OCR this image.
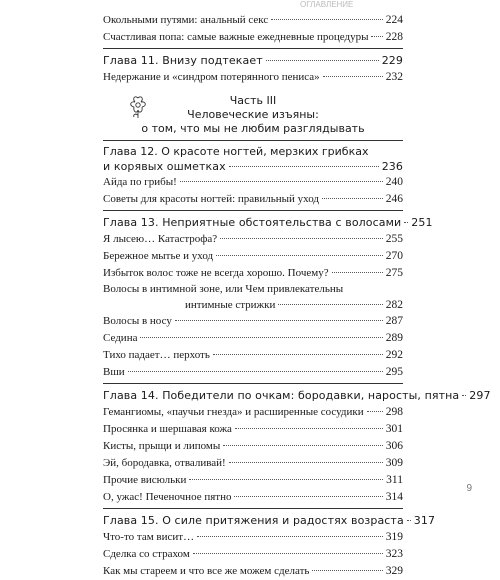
ОГЛАВЛЕНИЕ
Окольными путями: анальный секс	224
Счастливая попа: самые важные ежедневные процедуры 228
Глава 11. Внизу подтекает	229
Недержание и «синдром потерянного пениса»	232
Часть III
Человеческие изъяны:
о том, что мы не любим разглядывать
Глава 12. О красоте ногтей, мерзких грибках
и корявых ошметках	236
Айда по грибы!	240
Советы для красоты ногтей: правильный уход	246
Глава 13. Неприятные обстоятельства с волосами 251
Я лысею… Катастрофа?	255
Бережное мытье и уход	270
Избыток волос тоже не всегда хорошо. Почему?	275
Волосы в интимной зоне, или Чем привлекательны
интимные стрижки	282
Волосы в носу	287
Седина	289
Тихо падает… перхоть	292
Вши	295
Глава 14. Победители по очкам: бородавки, наросты, пятна 297
Гемангиомы, «паучьи гнезда» и расширенные сосудики 298
Просянка и шершавая кожа	301
Кисты, прыщи и липомы	306
Эй, бородавка, отваливай!	309
Прочие висюльки	311
О, ужас! Печеночное пятно	314
Глава 15. О силе притяжения и радостях возраста 317
Что-то там висит…	319
Сделка со страхом	323
Как мы стареем и что все же можем сделать	329
9
